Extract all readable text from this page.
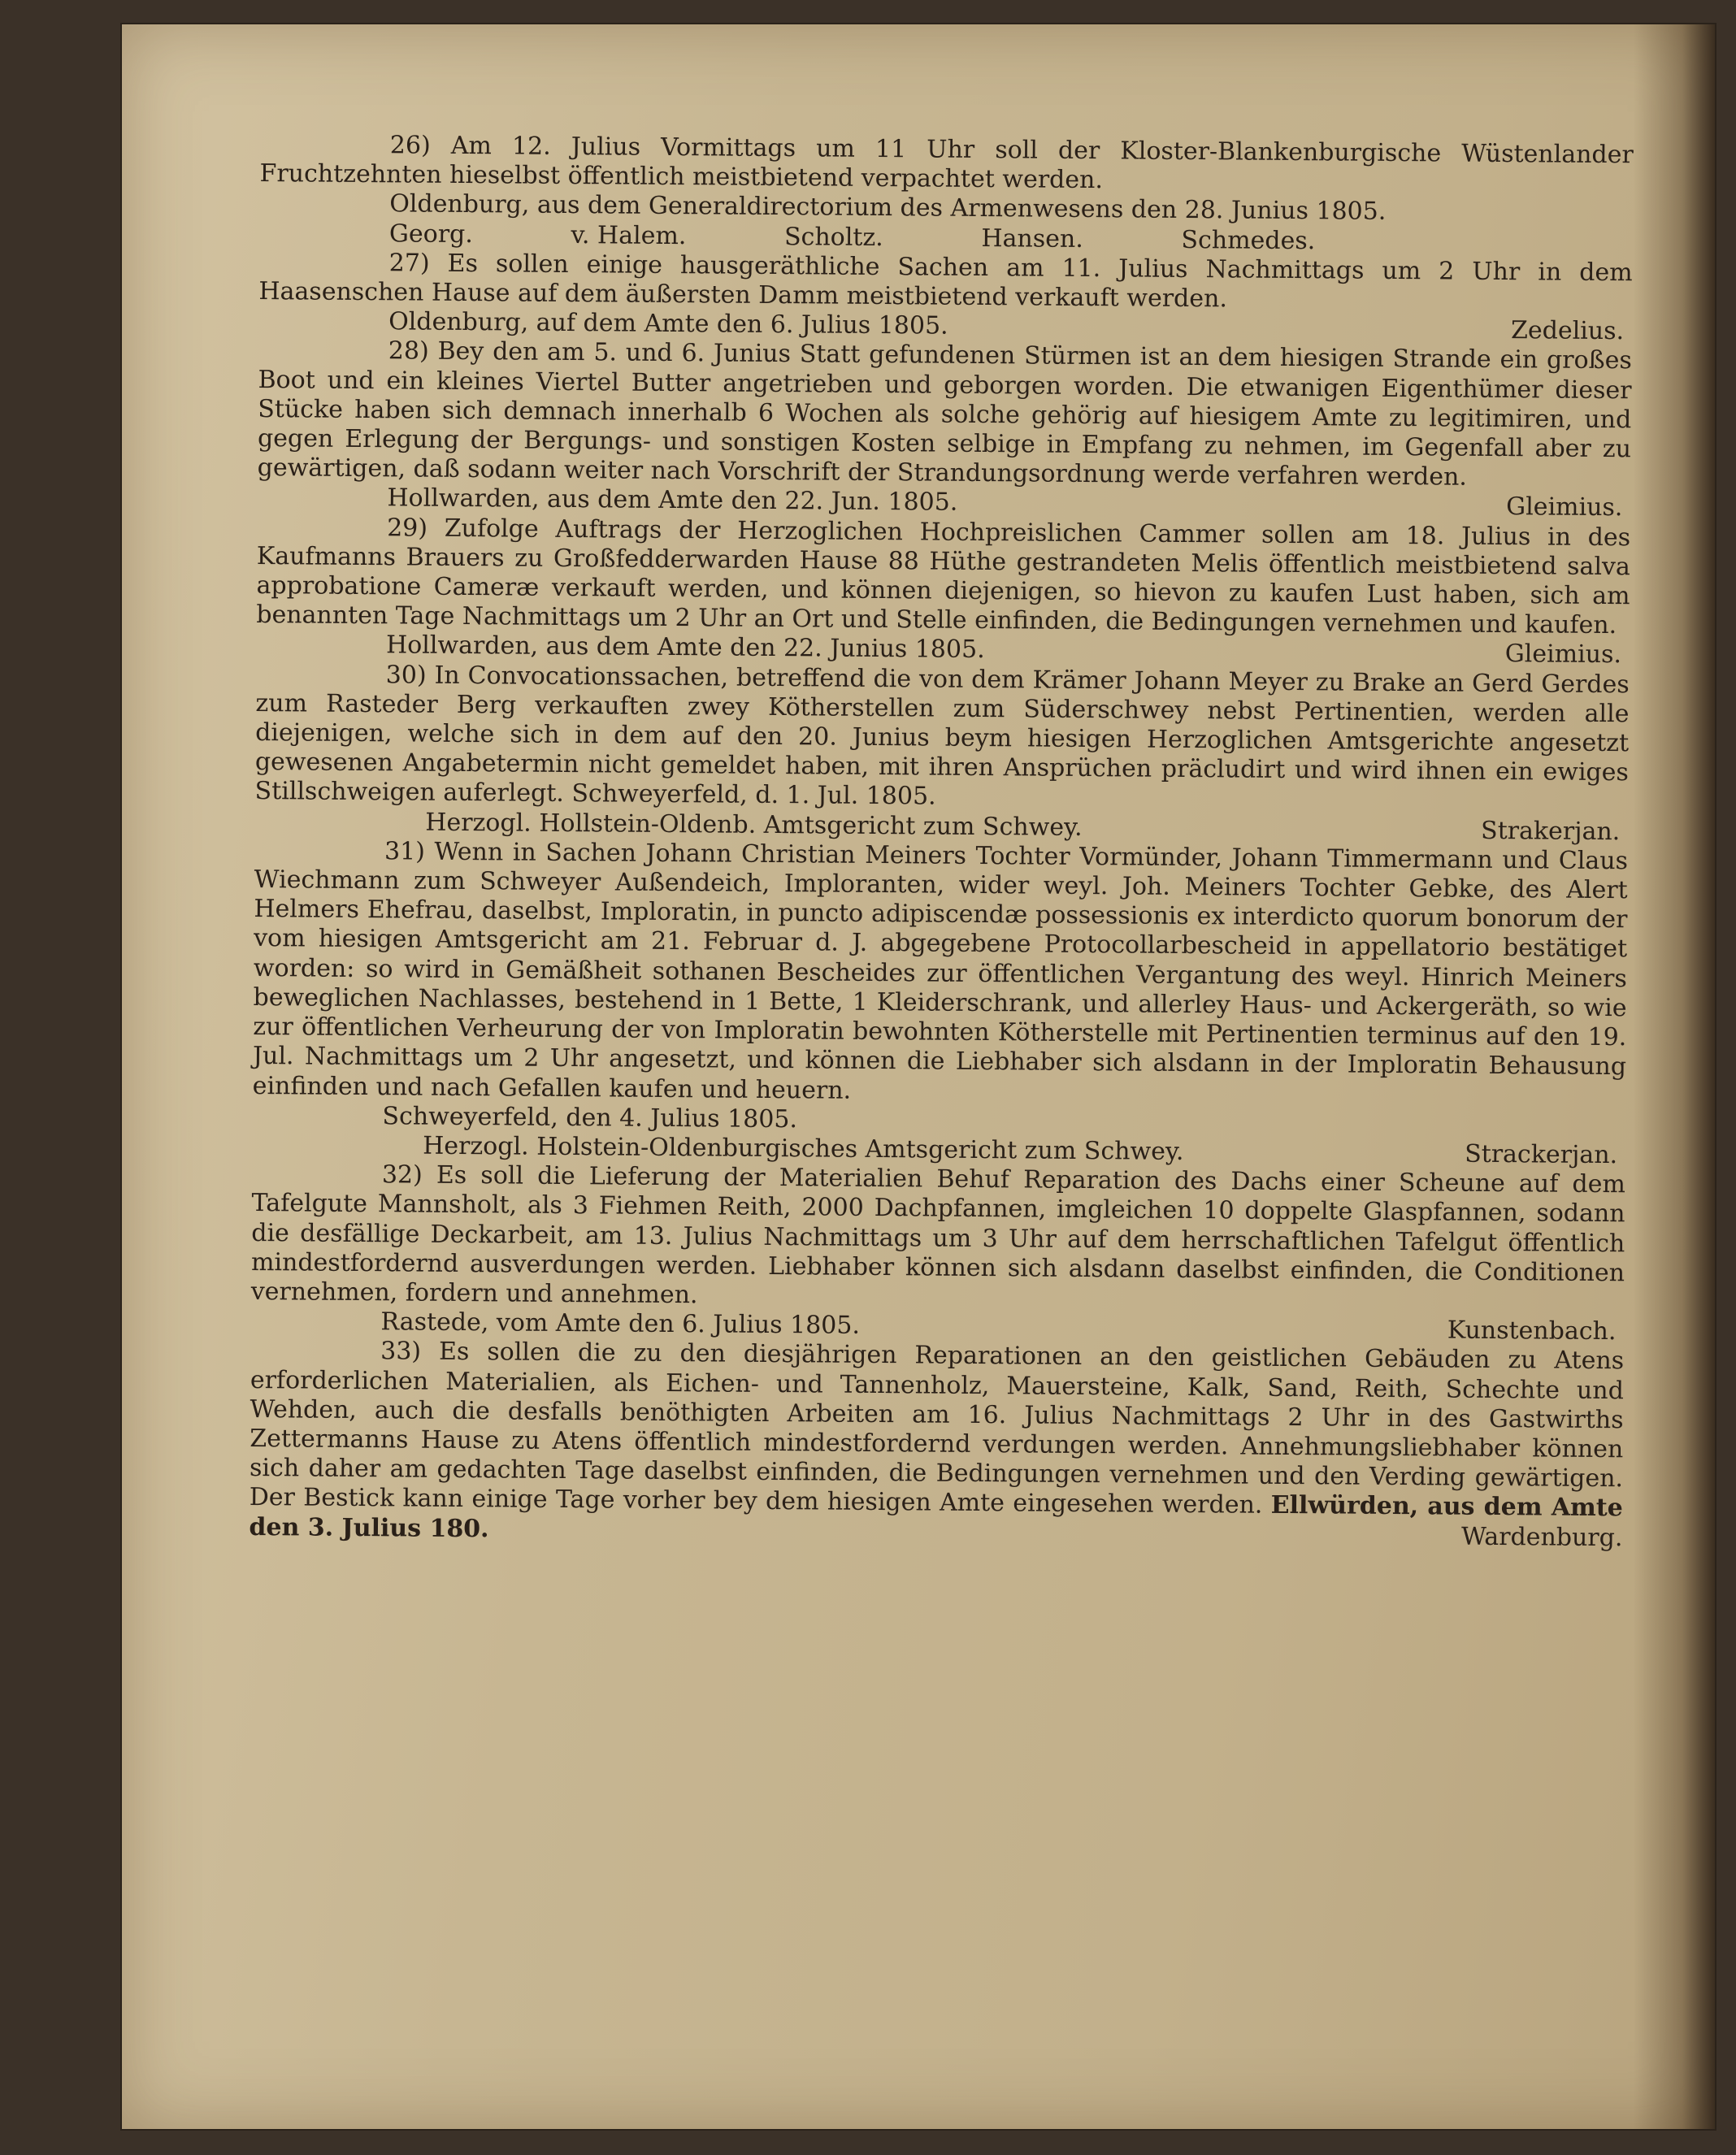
26) Am 12. Julius Vormittags um 11 Uhr soll der Kloster-Blankenburgische Wüstenlander Fruchtzehnten hieselbst öffentlich meistbietend verpachtet werden.

Oldenburg, aus dem Generaldirectorium des Armenwesens den 28. Junius 1805.
Georg.	v. Halem.	Scholtz.	Hansen.	Schmedes.

27) Es sollen einige hausgeräthliche Sachen am 11. Julius Nachmittags um 2 Uhr in dem Haasenschen Hause auf dem äußersten Damm meistbietend verkauft werden.

Oldenburg, auf dem Amte den 6. Julius 1805.	Zedelius.

28) Bey den am 5. und 6. Junius Statt gefundenen Stürmen ist an dem hiesigen Strande ein großes Boot und ein kleines Viertel Butter angetrieben und geborgen worden. Die etwanigen Eigenthümer dieser Stücke haben sich demnach innerhalb 6 Wochen als solche gehörig auf hiesigem Amte zu legitimiren, und gegen Erlegung der Bergungs- und sonstigen Kosten selbige in Empfang zu nehmen, im Gegenfall aber zu gewärtigen, daß sodann weiter nach Vorschrift der Strandungsordnung werde verfahren werden.

Hollwarden, aus dem Amte den 22. Jun. 1805.	Gleimius.

29) Zufolge Auftrags der Herzoglichen Hochpreislichen Cammer sollen am 18. Julius in des Kaufmanns Brauers zu Großfedderwarden Hause 88 Hüthe gestrandeten Melis öffentlich meistbietend salva approbatione Cameræ verkauft werden, und können diejenigen, so hievon zu kaufen Lust haben, sich am benannten Tage Nachmittags um 2 Uhr an Ort und Stelle einfinden, die Bedingungen vernehmen und kaufen.

Hollwarden, aus dem Amte den 22. Junius 1805.	Gleimius.

30) In Convocationssachen, betreffend die von dem Krämer Johann Meyer zu Brake an Gerd Gerdes zum Rasteder Berg verkauften zwey Kötherstellen zum Süderschwey nebst Pertinentien, werden alle diejenigen, welche sich in dem auf den 20. Junius beym hiesigen Herzoglichen Amtsgerichte angesetzt gewesenen Angabetermin nicht gemeldet haben, mit ihren Ansprüchen präcludirt und wird ihnen ein ewiges Stillschweigen auferlegt. Schweyerfeld, d. 1. Jul. 1805.

Herzogl. Hollstein-Oldenb. Amtsgericht zum Schwey.	Strakerjan.

31) Wenn in Sachen Johann Christian Meiners Tochter Vormünder, Johann Timmermann und Claus Wiechmann zum Schweyer Außendeich, Imploranten, wider weyl. Joh. Meiners Tochter Gebke, des Alert Helmers Ehefrau, daselbst, Imploratin, in puncto adipiscendæ possessionis ex interdicto quorum bonorum der vom hiesigen Amtsgericht am 21. Februar d. J. abgegebene Protocollarbescheid in appellatorio bestätiget worden: so wird in Gemäßheit sothanen Bescheides zur öffentlichen Vergantung des weyl. Hinrich Meiners beweglichen Nachlasses, bestehend in 1 Bette, 1 Kleiderschrank, und allerley Haus- und Ackergeräth, so wie zur öffentlichen Verheurung der von Imploratin bewohnten Kötherstelle mit Pertinentien terminus auf den 19. Jul. Nachmittags um 2 Uhr angesetzt, und können die Liebhaber sich alsdann in der Imploratin Behausung einfinden und nach Gefallen kaufen und heuern.

Schweyerfeld, den 4. Julius 1805.
Herzogl. Holstein-Oldenburgisches Amtsgericht zum Schwey.	Strackerjan.

32) Es soll die Lieferung der Materialien Behuf Reparation des Dachs einer Scheune auf dem Tafelgute Mannsholt, als 3 Fiehmen Reith, 2000 Dachpfannen, imgleichen 10 doppelte Glaspfannen, sodann die desfällige Deckarbeit, am 13. Julius Nachmittags um 3 Uhr auf dem herrschaftlichen Tafelgut öffentlich mindestfordernd ausverdungen werden. Liebhaber können sich alsdann daselbst einfinden, die Conditionen vernehmen, fordern und annehmen.

Rastede, vom Amte den 6. Julius 1805.	Kunstenbach.

33) Es sollen die zu den diesjährigen Reparationen an den geistlichen Gebäuden zu Atens erforderlichen Materialien, als Eichen- und Tannenholz, Mauersteine, Kalk, Sand, Reith, Schechte und Wehden, auch die desfalls benöthigten Arbeiten am 16. Julius Nachmittags 2 Uhr in des Gastwirths Zettermanns Hause zu Atens öffentlich mindestfordernd verdungen werden. Annehmungsliebhaber können sich daher am gedachten Tage daselbst einfinden, die Bedingungen vernehmen und den Verding gewärtigen. Der Bestick kann einige Tage vorher bey dem hiesigen Amte eingesehen werden. Ellwürden, aus dem Amte den 3. Julius 180.	Wardenburg.
